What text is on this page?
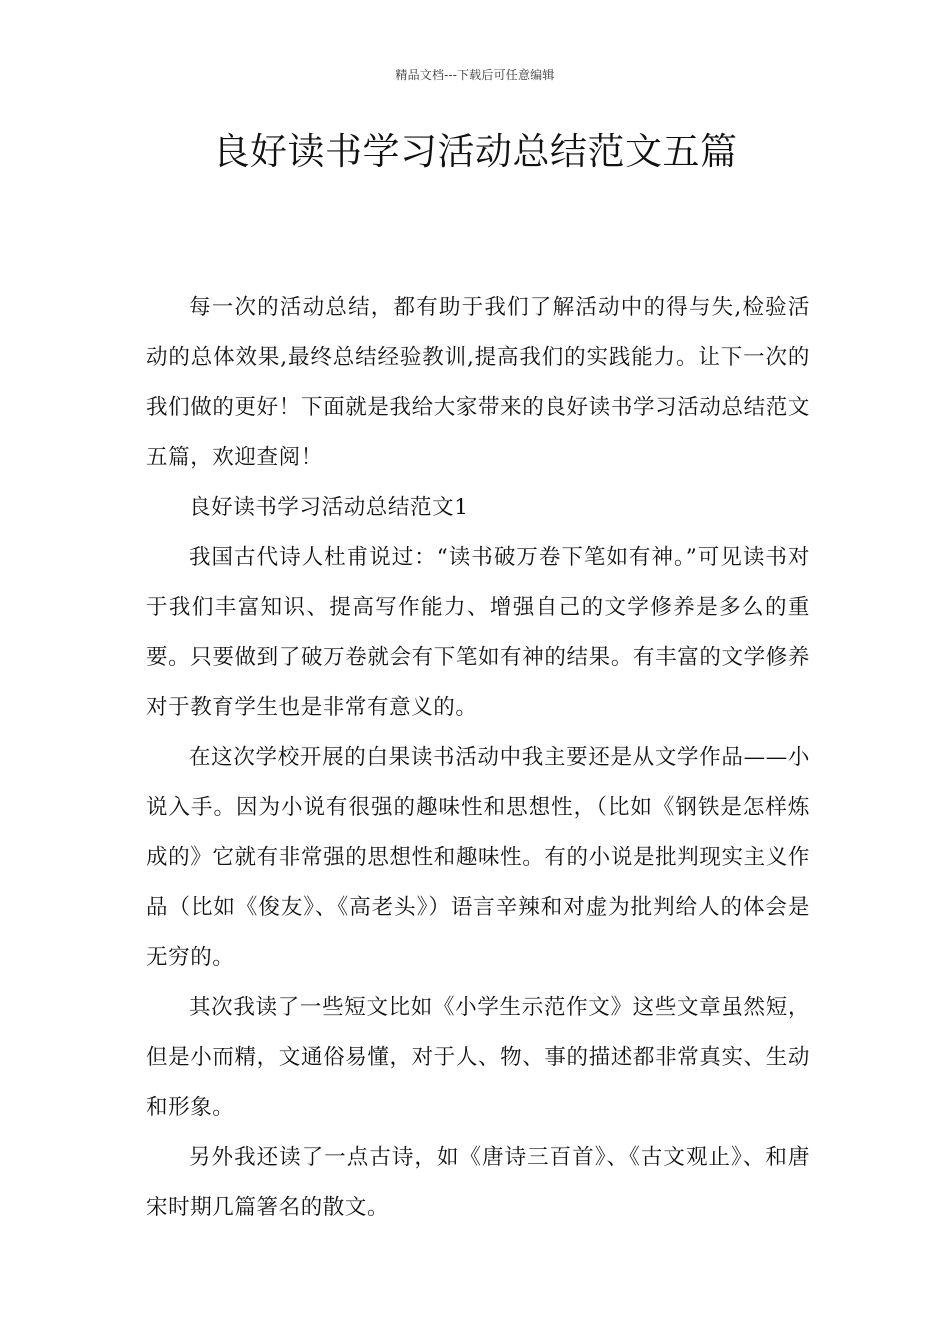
精品文档---下载后可任意编辑
良好读书学习活动总结范文五篇

每一次的活动总结，都有助于我们了解活动中的得与失,检验活动的总体效果,最终总结经验教训,提高我们的实践能力。让下一次的我们做的更好！下面就是我给大家带来的良好读书学习活动总结范文五篇，欢迎查阅！

良好读书学习活动总结范文1

我国古代诗人杜甫说过：“读书破万卷下笔如有神。”可见读书对于我们丰富知识、提高写作能力、增强自己的文学修养是多么的重要。只要做到了破万卷就会有下笔如有神的结果。有丰富的文学修养对于教育学生也是非常有意义的。

在这次学校开展的白果读书活动中我主要还是从文学作品——小说入手。因为小说有很强的趣味性和思想性，（比如《钢铁是怎样炼成的》它就有非常强的思想性和趣味性。有的小说是批判现实主义作品（比如《俊友》、《高老头》）语言辛辣和对虚为批判给人的体会是无穷的。

其次我读了一些短文比如《小学生示范作文》这些文章虽然短，但是小而精，文通俗易懂，对于人、物、事的描述都非常真实、生动和形象。

另外我还读了一点古诗，如《唐诗三百首》、《古文观止》、和唐宋时期几篇箸名的散文。
